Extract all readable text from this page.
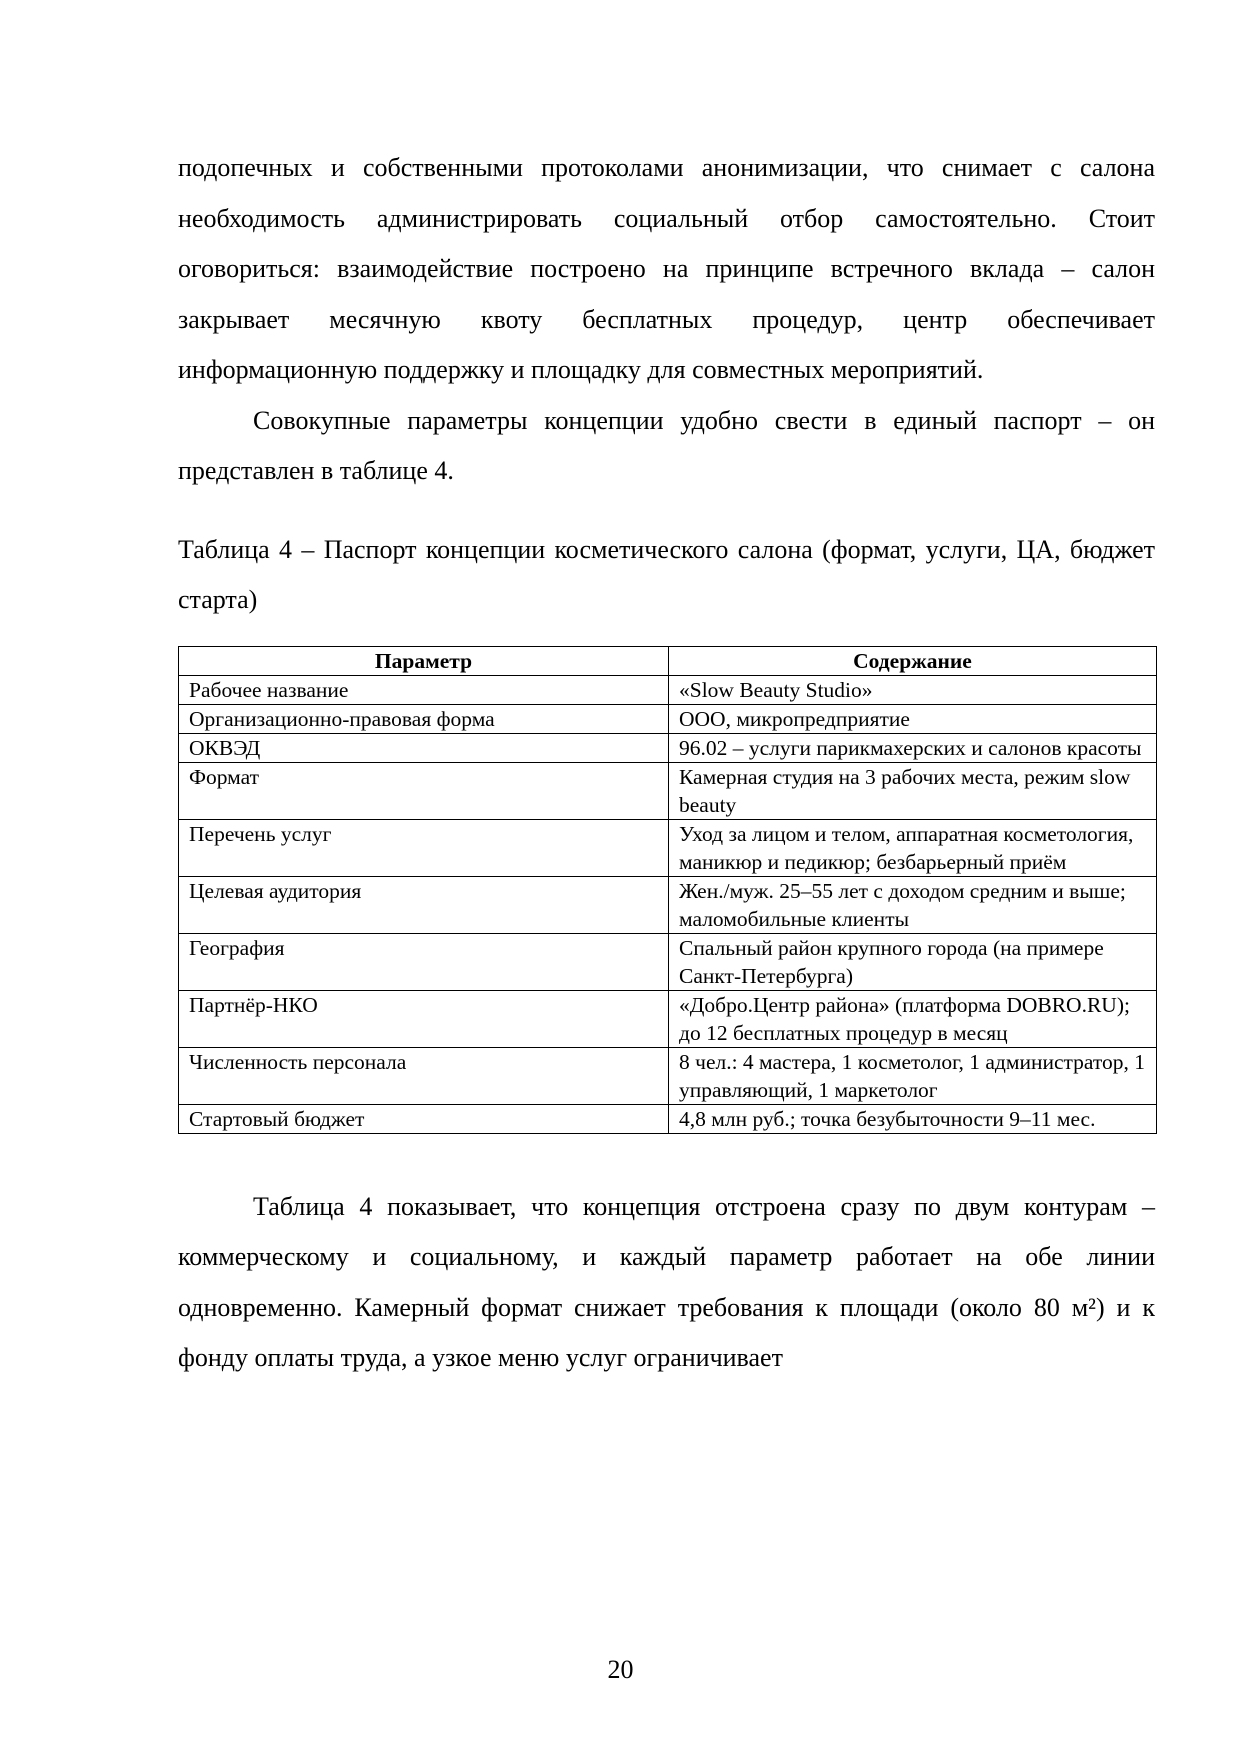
подопечных и собственными протоколами анонимизации, что снимает с салона необходимость администрировать социальный отбор самостоятельно. Стоит оговориться: взаимодействие построено на принципе встречного вклада – салон закрывает месячную квоту бесплатных процедур, центр обеспечивает информационную поддержку и площадку для совместных мероприятий.

Совокупные параметры концепции удобно свести в единый паспорт – он представлен в таблице 4.

Таблица 4 – Паспорт концепции косметического салона (формат, услуги, ЦА, бюджет старта)

Параметр	Содержание
Рабочее название	«Slow Beauty Studio»
Организационно-правовая форма	ООО, микропредприятие
ОКВЭД	96.02 – услуги парикмахерских и салонов красоты
Формат	Камерная студия на 3 рабочих места, режим slow beauty
Перечень услуг	Уход за лицом и телом, аппаратная косметология, маникюр и педикюр; безбарьерный приём
Целевая аудитория	Жен./муж. 25–55 лет с доходом средним и выше; маломобильные клиенты
География	Спальный район крупного города (на примере Санкт-Петербурга)
Партнёр-НКО	«Добро.Центр района» (платформа DOBRO.RU); до 12 бесплатных процедур в месяц
Численность персонала	8 чел.: 4 мастера, 1 косметолог, 1 администратор, 1 управляющий, 1 маркетолог
Стартовый бюджет	4,8 млн руб.; точка безубыточности 9–11 мес.

Таблица 4 показывает, что концепция отстроена сразу по двум контурам – коммерческому и социальному, и каждый параметр работает на обе линии одновременно. Камерный формат снижает требования к площади (около 80 м²) и к фонду оплаты труда, а узкое меню услуг ограничивает

20
